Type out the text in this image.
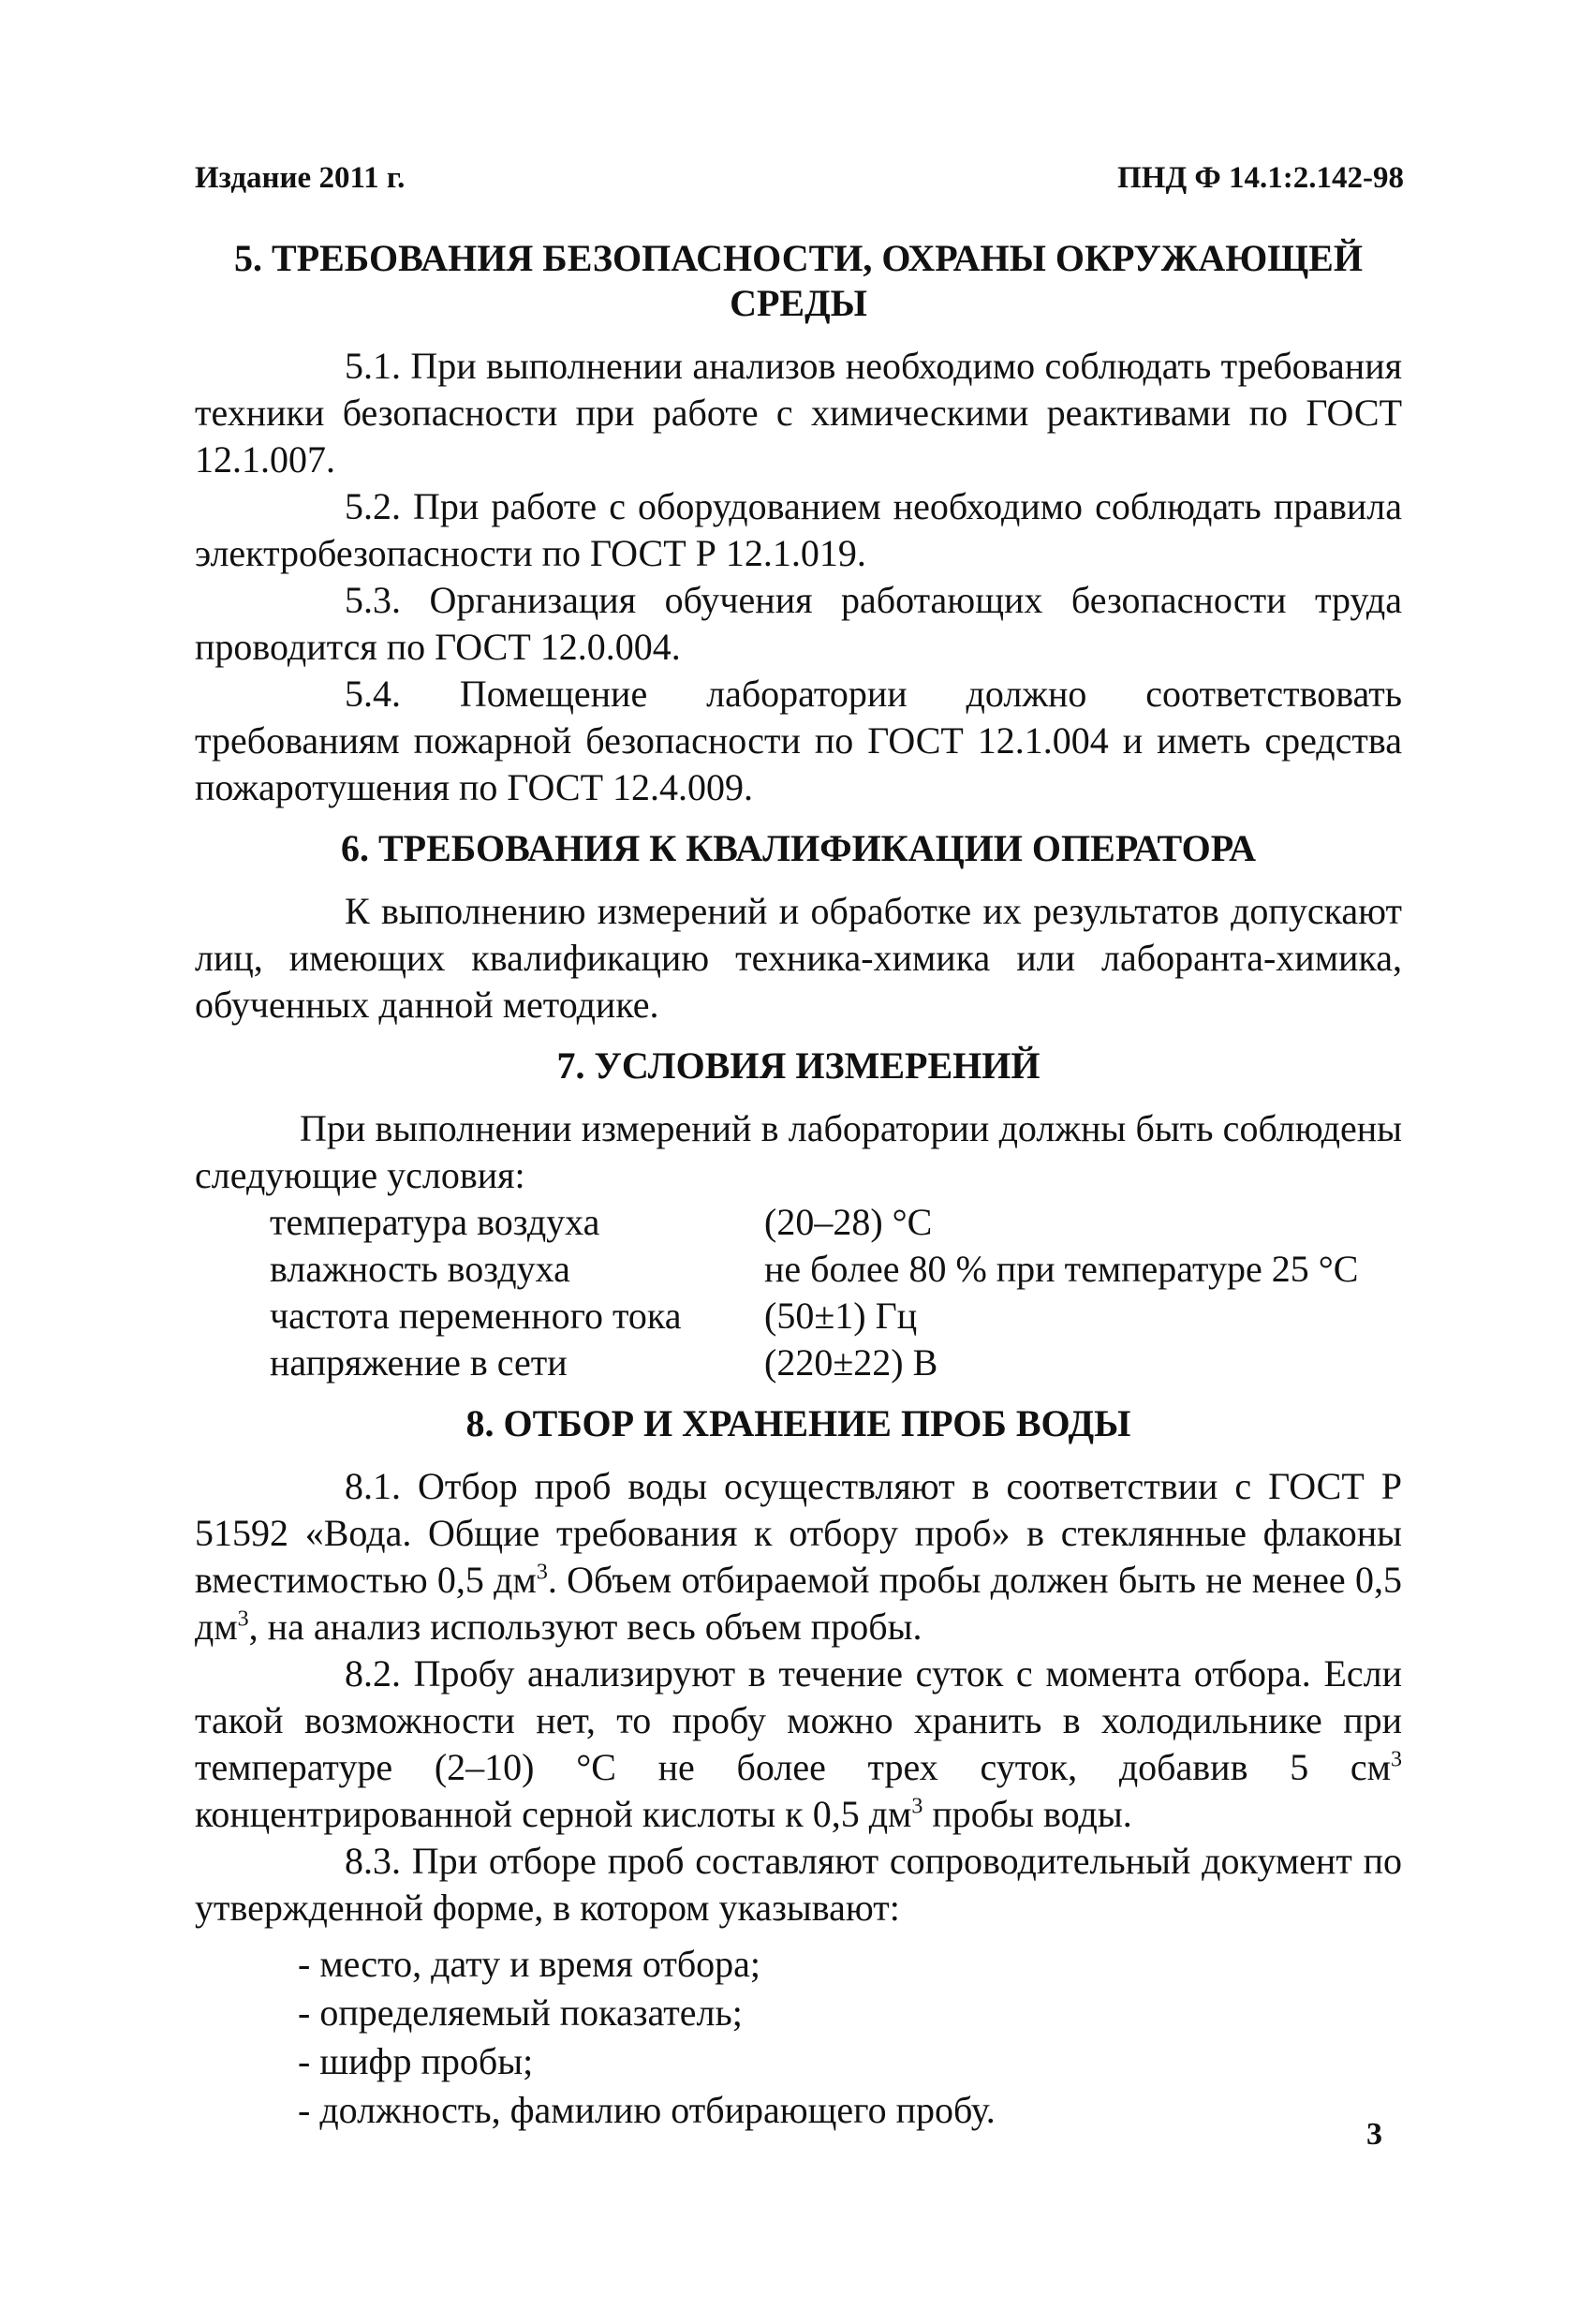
Издание 2011 г.	ПНД Ф 14.1:2.142-98
5. ТРЕБОВАНИЯ БЕЗОПАСНОСТИ, ОХРАНЫ ОКРУЖАЮЩЕЙ СРЕДЫ

5.1. При выполнении анализов необходимо соблюдать требования техники безопасности при работе с химическими реактивами по ГОСТ 12.1.007.

5.2. При работе с оборудованием необходимо соблюдать правила электробезопасности по ГОСТ Р 12.1.019.

5.3. Организация обучения работающих безопасности труда проводится по ГОСТ 12.0.004.

5.4. Помещение лаборатории должно соответствовать требованиям пожарной безопасности по ГОСТ 12.1.004 и иметь средства пожаротушения по ГОСТ 12.4.009.

6. ТРЕБОВАНИЯ К КВАЛИФИКАЦИИ ОПЕРАТОРА

К выполнению измерений и обработке их результатов допускают лиц, имеющих квалификацию техника-химика или лаборанта-химика, обученных данной методике.

7. УСЛОВИЯ ИЗМЕРЕНИЙ

При выполнении измерений в лаборатории должны быть соблюдены следующие условия:

температура воздуха	(20–28) °С
влажность воздуха	не более 80 % при температуре 25 °С
частота переменного тока	(50±1) Гц
напряжение в сети	(220±22) В
8. ОТБОР И ХРАНЕНИЕ ПРОБ ВОДЫ

8.1. Отбор проб воды осуществляют в соответствии с ГОСТ Р 51592 «Вода. Общие требования к отбору проб» в стеклянные флаконы вместимостью 0,5 $дм^3$. Объем отбираемой пробы должен быть не менее 0,5 $дм^3$, на анализ используют весь объем пробы.

8.2. Пробу анализируют в течение суток с момента отбора. Если такой возможности нет, то пробу можно хранить в холодильнике при температуре (2–10) °С не более трех суток, добавив 5 $см^3$ концентрированной серной кислоты к 0,5 $дм^3$ пробы воды.

8.3. При отборе проб составляют сопроводительный документ по утвержденной форме, в котором указывают:

- место, дату и время отбора;
- определяемый показатель;
- шифр пробы;
- должность, фамилию отбирающего пробу.
3
